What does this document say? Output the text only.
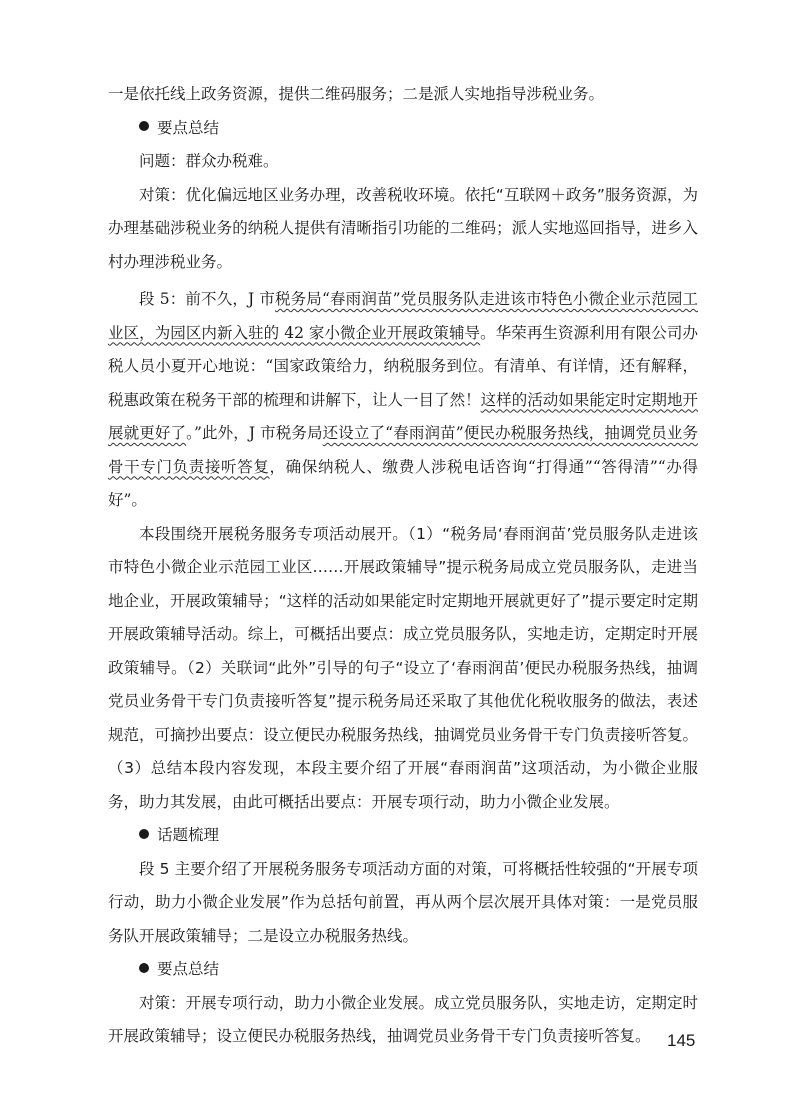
一是依托线上政务资源，提供二维码服务；二是派人实地指导涉税业务。

要点总结

问题：群众办税难。

对策：优化偏远地区业务办理，改善税收环境。依托“互联网＋政务”服务资源，为办理基础涉税业务的纳税人提供有清晰指引功能的二维码；派人实地巡回指导，进乡入村办理涉税业务。

段 5：前不久，J 市税务局“春雨润苗”党员服务队走进该市特色小微企业示范园工业区，为园区内新入驻的 42 家小微企业开展政策辅导。华荣再生资源利用有限公司办税人员小夏开心地说：“国家政策给力，纳税服务到位。有清单、有详情，还有解释，税惠政策在税务干部的梳理和讲解下，让人一目了然！这样的活动如果能定时定期地开展就更好了。”此外，J 市税务局还设立了“春雨润苗”便民办税服务热线，抽调党员业务骨干专门负责接听答复，确保纳税人、缴费人涉税电话咨询“打得通”“答得清”“办得好”。

本段围绕开展税务服务专项活动展开。（1）“税务局‘春雨润苗’党员服务队走进该市特色小微企业示范园工业区……开展政策辅导”提示税务局成立党员服务队，走进当地企业，开展政策辅导；“这样的活动如果能定时定期地开展就更好了”提示要定时定期开展政策辅导活动。综上，可概括出要点：成立党员服务队，实地走访，定期定时开展政策辅导。（2）关联词“此外”引导的句子“设立了‘春雨润苗’便民办税服务热线，抽调党员业务骨干专门负责接听答复”提示税务局还采取了其他优化税收服务的做法，表述规范，可摘抄出要点：设立便民办税服务热线，抽调党员业务骨干专门负责接听答复。（3）总结本段内容发现，本段主要介绍了开展“春雨润苗”这项活动，为小微企业服务，助力其发展，由此可概括出要点：开展专项行动，助力小微企业发展。

话题梳理

段 5 主要介绍了开展税务服务专项活动方面的对策，可将概括性较强的“开展专项行动，助力小微企业发展”作为总括句前置，再从两个层次展开具体对策：一是党员服务队开展政策辅导；二是设立办税服务热线。

要点总结

对策：开展专项行动，助力小微企业发展。成立党员服务队，实地走访，定期定时开展政策辅导；设立便民办税服务热线，抽调党员业务骨干专门负责接听答复。 145
